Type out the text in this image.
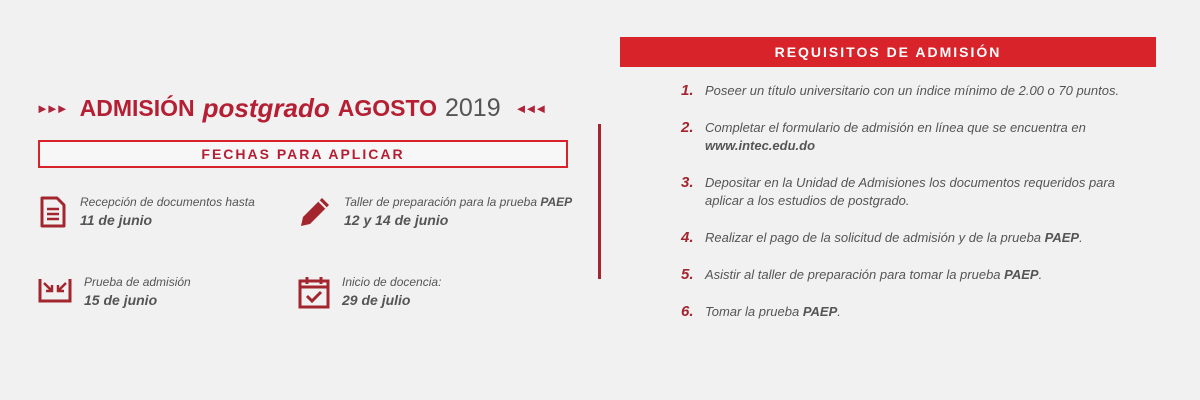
►►► ADMISIÓN postgrado AGOSTO 2019 ◄◄◄
FECHAS PARA APLICAR
Recepción de documentos hasta
11 de junio
Taller de preparación para la prueba PAEP
12 y 14 de junio
Prueba de admisión
15 de junio
Inicio de docencia:
29 de julio
REQUISITOS DE ADMISIÓN
1. Poseer un título universitario con un índice mínimo de 2.00 o 70 puntos.
2. Completar el formulario de admisión en línea que se encuentra en www.intec.edu.do
3. Depositar en la Unidad de Admisiones los documentos requeridos para aplicar a los estudios de postgrado.
4. Realizar el pago de la solicitud de admisión y de la prueba PAEP.
5. Asistir al taller de preparación para tomar la prueba PAEP.
6. Tomar la prueba PAEP.
